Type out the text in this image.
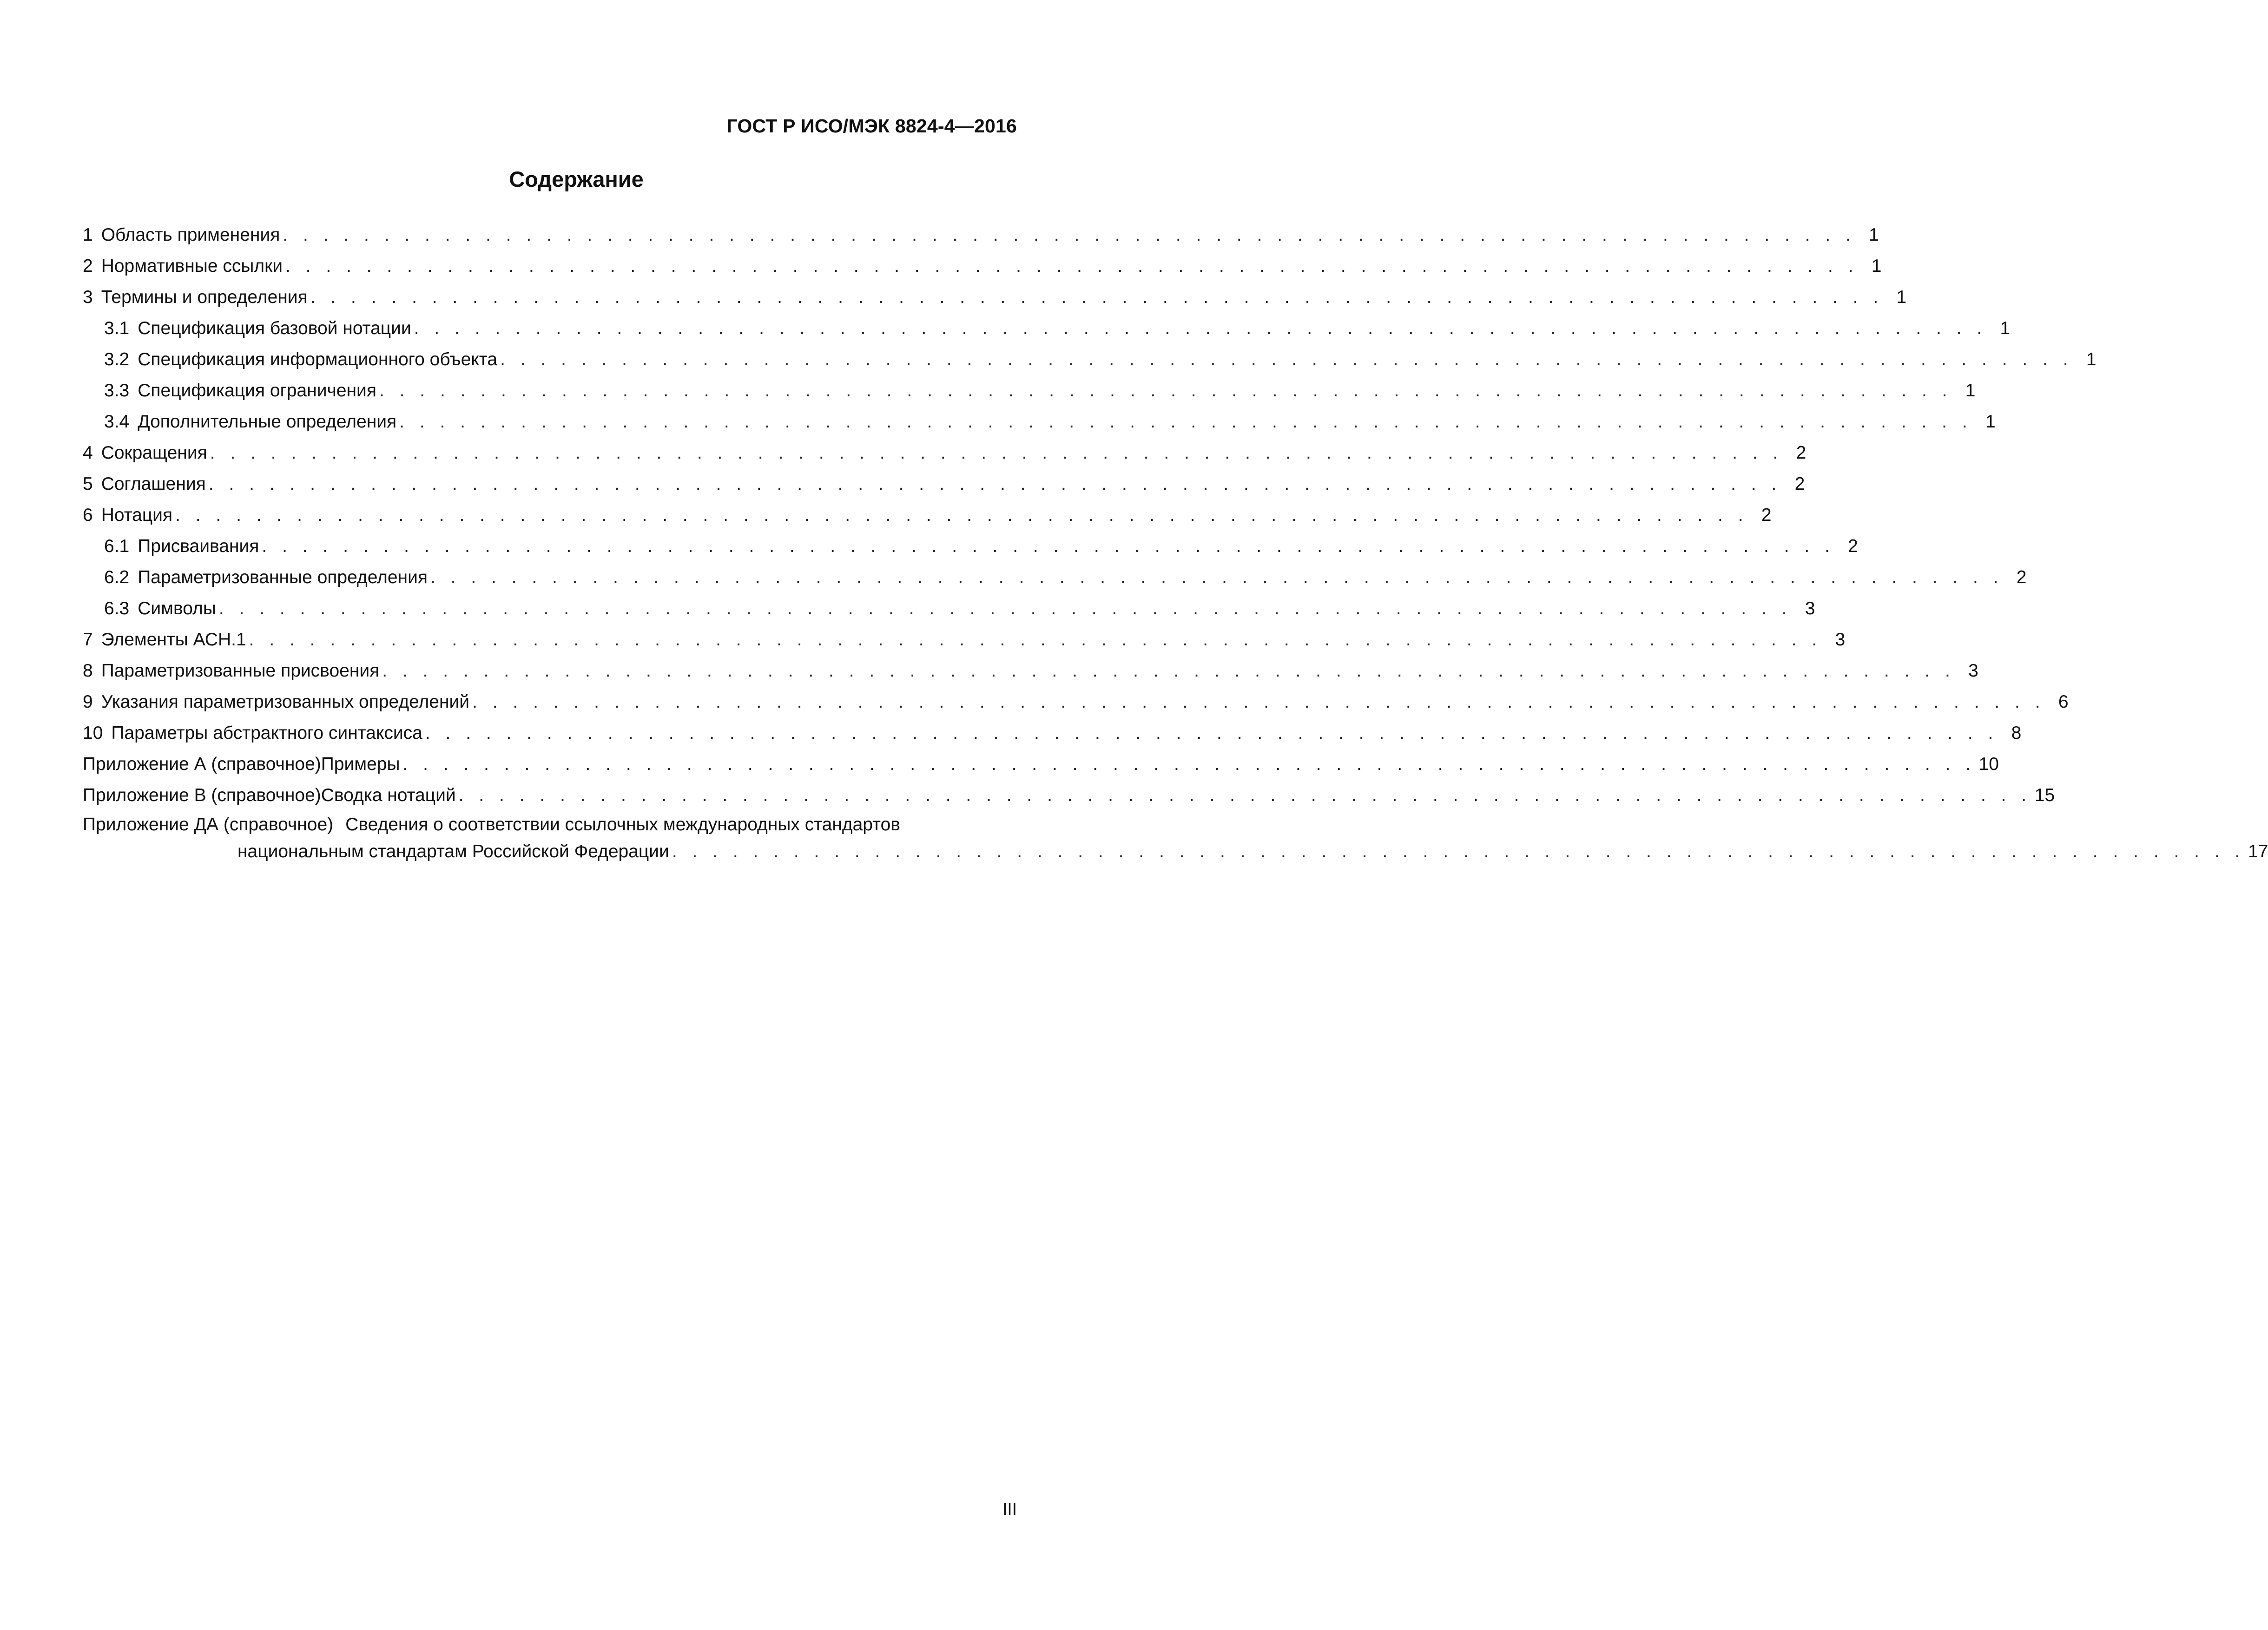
ГОСТ Р ИСО/МЭК 8824-4—2016
Содержание
1 Область применения . . . . . . . . . . . . . . . . . . . . . . . . . . . . . . . . . . . . . . . . . . . . . . . . . . . . . . . . . . . . . . . . . . . . . . . . . . . . . . 1
2 Нормативные ссылки . . . . . . . . . . . . . . . . . . . . . . . . . . . . . . . . . . . . . . . . . . . . . . . . . . . . . . . . . . . . . . . . . . . . . . . . . . . . . . 1
3 Термины и определения . . . . . . . . . . . . . . . . . . . . . . . . . . . . . . . . . . . . . . . . . . . . . . . . . . . . . . . . . . . . . . . . . . . . . . . . . . . . . . 1
3.1 Спецификация базовой нотации . . . . . . . . . . . . . . . . . . . . . . . . . . . . . . . . . . . . . . . . . . . . . . . . . . . . . . . . . . . . . . . . . . . . . . . . . . . . . . 1
3.2 Спецификация информационного объекта . . . . . . . . . . . . . . . . . . . . . . . . . . . . . . . . . . . . . . . . . . . . . . . . . . . . . . . . . . . . . . . . . . . . . . . . . . . . . . 1
3.3 Спецификация ограничения . . . . . . . . . . . . . . . . . . . . . . . . . . . . . . . . . . . . . . . . . . . . . . . . . . . . . . . . . . . . . . . . . . . . . . . . . . . . . . 1
3.4 Дополнительные определения . . . . . . . . . . . . . . . . . . . . . . . . . . . . . . . . . . . . . . . . . . . . . . . . . . . . . . . . . . . . . . . . . . . . . . . . . . . . . . 1
4 Сокращения . . . . . . . . . . . . . . . . . . . . . . . . . . . . . . . . . . . . . . . . . . . . . . . . . . . . . . . . . . . . . . . . . . . . . . . . . . . . . . 2
5 Соглашения . . . . . . . . . . . . . . . . . . . . . . . . . . . . . . . . . . . . . . . . . . . . . . . . . . . . . . . . . . . . . . . . . . . . . . . . . . . . . . 2
6 Нотация . . . . . . . . . . . . . . . . . . . . . . . . . . . . . . . . . . . . . . . . . . . . . . . . . . . . . . . . . . . . . . . . . . . . . . . . . . . . . . 2
6.1 Присваивания . . . . . . . . . . . . . . . . . . . . . . . . . . . . . . . . . . . . . . . . . . . . . . . . . . . . . . . . . . . . . . . . . . . . . . . . . . . . . . 2
6.2 Параметризованные определения . . . . . . . . . . . . . . . . . . . . . . . . . . . . . . . . . . . . . . . . . . . . . . . . . . . . . . . . . . . . . . . . . . . . . . . . . . . . . . 2
6.3 Символы . . . . . . . . . . . . . . . . . . . . . . . . . . . . . . . . . . . . . . . . . . . . . . . . . . . . . . . . . . . . . . . . . . . . . . . . . . . . . . 3
7 Элементы АСН.1 . . . . . . . . . . . . . . . . . . . . . . . . . . . . . . . . . . . . . . . . . . . . . . . . . . . . . . . . . . . . . . . . . . . . . . . . . . . . . . 3
8 Параметризованные присвоения . . . . . . . . . . . . . . . . . . . . . . . . . . . . . . . . . . . . . . . . . . . . . . . . . . . . . . . . . . . . . . . . . . . . . . . . . . . . . . 3
9 Указания параметризованных определений . . . . . . . . . . . . . . . . . . . . . . . . . . . . . . . . . . . . . . . . . . . . . . . . . . . . . . . . . . . . . . . . . . . . . . . . . . . . . . 6
10 Параметры абстрактного синтаксиса . . . . . . . . . . . . . . . . . . . . . . . . . . . . . . . . . . . . . . . . . . . . . . . . . . . . . . . . . . . . . . . . . . . . . . . . . . . . . . 8
Приложение А (справочное) Примеры . . . . . . . . . . . . . . . . . . . . . . . . . . . . . . . . . . . . . . . . . . . . . . . . . . . . . . . . . . . . . . . . . . . . . . . . . . . . . . 10
Приложение В (справочное) Сводка нотаций . . . . . . . . . . . . . . . . . . . . . . . . . . . . . . . . . . . . . . . . . . . . . . . . . . . . . . . . . . . . . . . . . . . . . . . . . . . . . . 15
Приложение ДА (справочное) Сведения о соответствии ссылочных международных стандартов
национальным стандартам Российской Федерации . . . . . . . . . . . . . . . . . . . . . . . . . . . . . . . . . . . . . . . . . . . . . . . . . . . . . . . . . . . . . . . . . . . . . . . . . . . . . . 17
III
